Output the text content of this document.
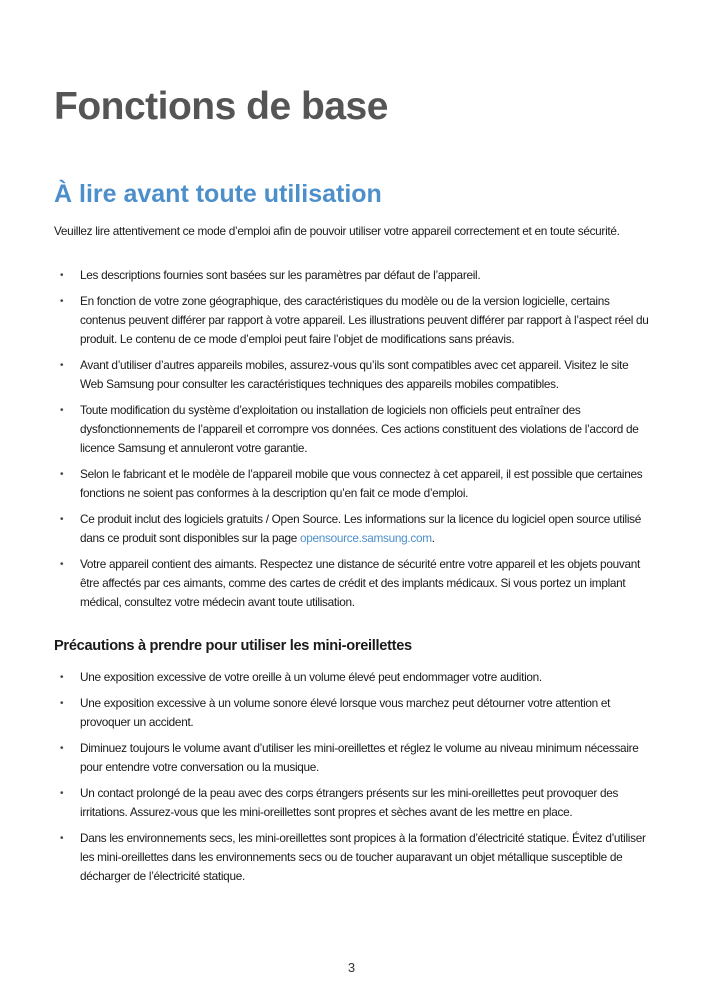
Fonctions de base
À lire avant toute utilisation

Veuillez lire attentivement ce mode d’emploi afin de pouvoir utiliser votre appareil correctement et en toute sécurité.

• Les descriptions fournies sont basées sur les paramètres par défaut de l’appareil.
• En fonction de votre zone géographique, des caractéristiques du modèle ou de la version logicielle, certains contenus peuvent différer par rapport à votre appareil. Les illustrations peuvent différer par rapport à l’aspect réel du produit. Le contenu de ce mode d’emploi peut faire l’objet de modifications sans préavis.
• Avant d’utiliser d’autres appareils mobiles, assurez-vous qu’ils sont compatibles avec cet appareil. Visitez le site Web Samsung pour consulter les caractéristiques techniques des appareils mobiles compatibles.
• Toute modification du système d’exploitation ou installation de logiciels non officiels peut entraîner des dysfonctionnements de l’appareil et corrompre vos données. Ces actions constituent des violations de l’accord de licence Samsung et annuleront votre garantie.
• Selon le fabricant et le modèle de l’appareil mobile que vous connectez à cet appareil, il est possible que certaines fonctions ne soient pas conformes à la description qu’en fait ce mode d’emploi.
• Ce produit inclut des logiciels gratuits / Open Source. Les informations sur la licence du logiciel open source utilisé dans ce produit sont disponibles sur la page opensource.samsung.com.
• Votre appareil contient des aimants. Respectez une distance de sécurité entre votre appareil et les objets pouvant être affectés par ces aimants, comme des cartes de crédit et des implants médicaux. Si vous portez un implant médical, consultez votre médecin avant toute utilisation.
Précautions à prendre pour utiliser les mini-oreillettes
• Une exposition excessive de votre oreille à un volume élevé peut endommager votre audition.
• Une exposition excessive à un volume sonore élevé lorsque vous marchez peut détourner votre attention et provoquer un accident.
• Diminuez toujours le volume avant d’utiliser les mini-oreillettes et réglez le volume au niveau minimum nécessaire pour entendre votre conversation ou la musique.
• Un contact prolongé de la peau avec des corps étrangers présents sur les mini-oreillettes peut provoquer des irritations. Assurez-vous que les mini-oreillettes sont propres et sèches avant de les mettre en place.
• Dans les environnements secs, les mini-oreillettes sont propices à la formation d’électricité statique. Évitez d’utiliser les mini-oreillettes dans les environnements secs ou de toucher auparavant un objet métallique susceptible de décharger de l’électricité statique.
3
